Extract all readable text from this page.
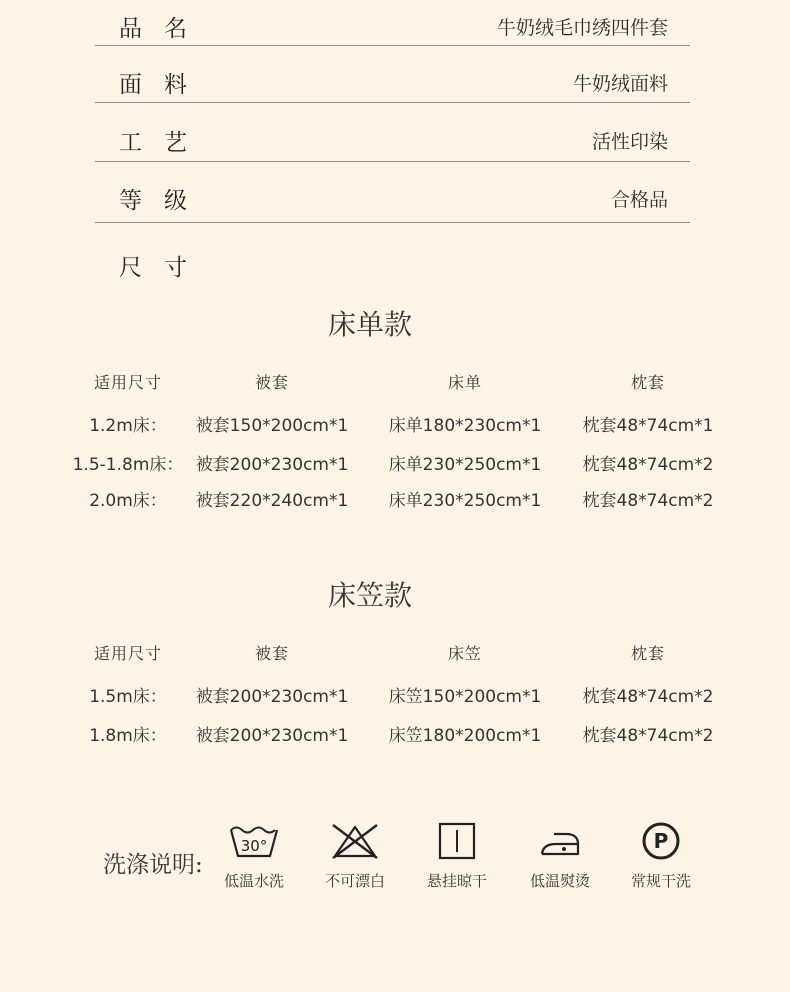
品名	牛奶绒毛巾绣四件套
面料	牛奶绒面料
工艺	活性印染
等级	合格品
尺寸
床单款
适用尺寸	被套	床单	枕套
1.2m床： 被套150*200cm*1 床单180*230cm*1 枕套48*74cm*1
1.5-1.8m床： 被套200*230cm*1 床单230*250cm*1 枕套48*74cm*2
2.0m床： 被套220*240cm*1 床单230*250cm*1 枕套48*74cm*2
床笠款
适用尺寸	被套	床笠	枕套
1.5m床： 被套200*230cm*1 床笠150*200cm*1 枕套48*74cm*2
1.8m床： 被套200*230cm*1 床笠180*200cm*1 枕套48*74cm*2
洗涤说明:
30°
低温水洗	不可漂白	悬挂晾干	低温熨烫
P
常规干洗
